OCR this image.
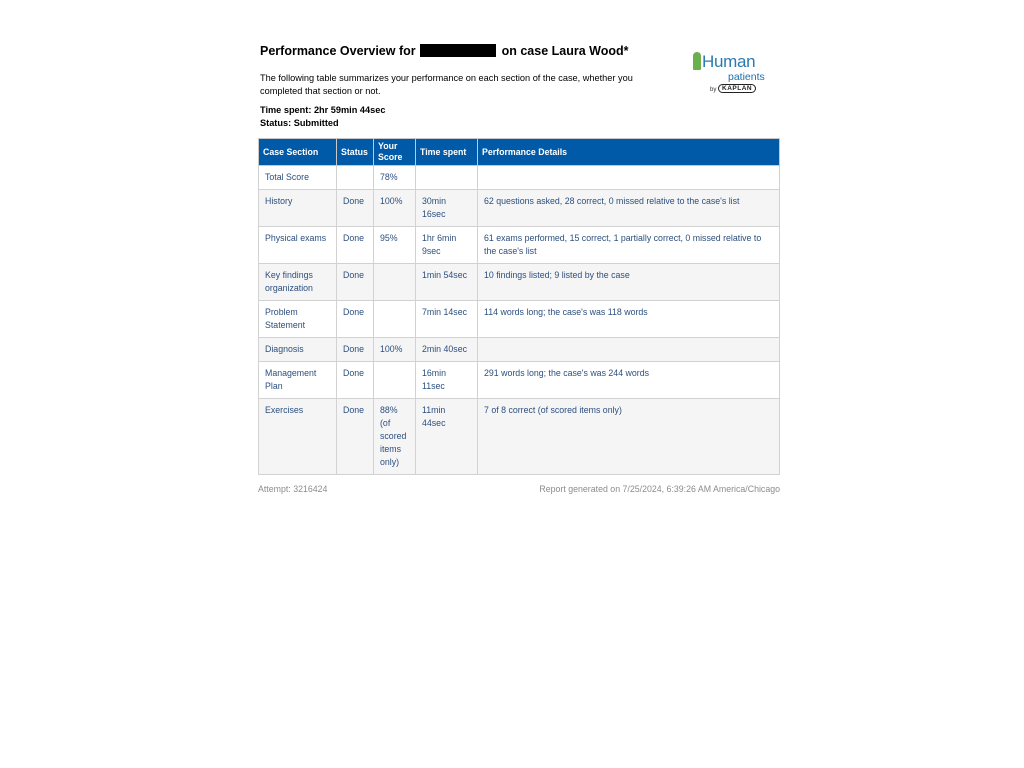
Performance Overview for	on case Laura Wood*
The following table summarizes your performance on each section of the case, whether you completed that section or not.
Time spent: 2hr 59min 44sec
Status: Submitted
Human
patients
by KAPLAN
Case Section	Status	Your Score	Time spent	Performance Details
Total Score		78%		
History	Done	100%	30min 16sec	62 questions asked, 28 correct, 0 missed relative to the case's list
Physical exams	Done	95%	1hr 6min 9sec	61 exams performed, 15 correct, 1 partially correct, 0 missed relative to the case's list
Key findings organization	Done		1min 54sec	10 findings listed; 9 listed by the case
Problem Statement	Done		7min 14sec	114 words long; the case's was 118 words
Diagnosis	Done	100%	2min 40sec	
Management Plan	Done		16min 11sec	291 words long; the case's was 244 words
Exercises	Done	88% (of scored items only)	11min 44sec	7 of 8 correct (of scored items only)
Attempt: 3216424	Report generated on 7/25/2024, 6:39:26 AM America/Chicago
